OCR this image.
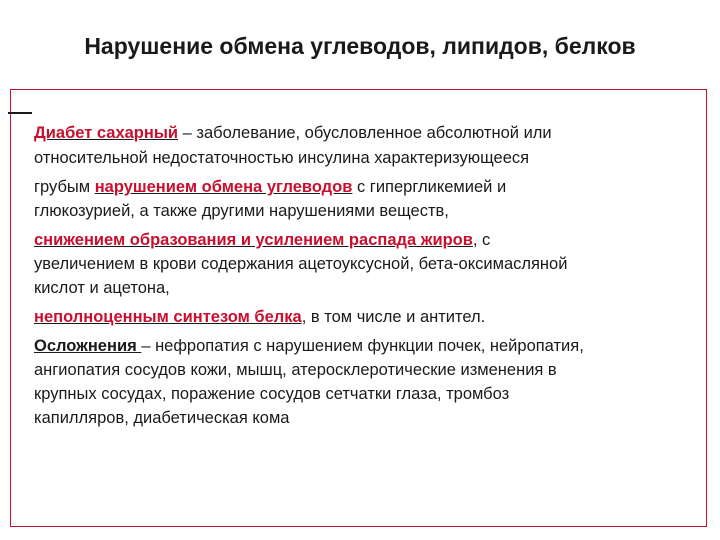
Нарушение обмена углеводов, липидов, белков
Диабет сахарный – заболевание, обусловленное абсолютной или
относительной недостаточностью инсулина характеризующееся
грубым нарушением обмена углеводов с гипергликемией и
глюкозурией, а также другими нарушениями веществ,
снижением образования и усилением распада жиров, с
увеличением в крови содержания ацетоуксусной, бета-оксимасляной
кислот и ацетона,
неполноценным синтезом белка, в том числе и антител.
Осложнения – нефропатия с нарушением функции почек, нейропатия,
ангиопатия сосудов кожи, мышц, атеросклеротические изменения в
крупных сосудах, поражение сосудов сетчатки глаза, тромбоз
капилляров, диабетическая кома
